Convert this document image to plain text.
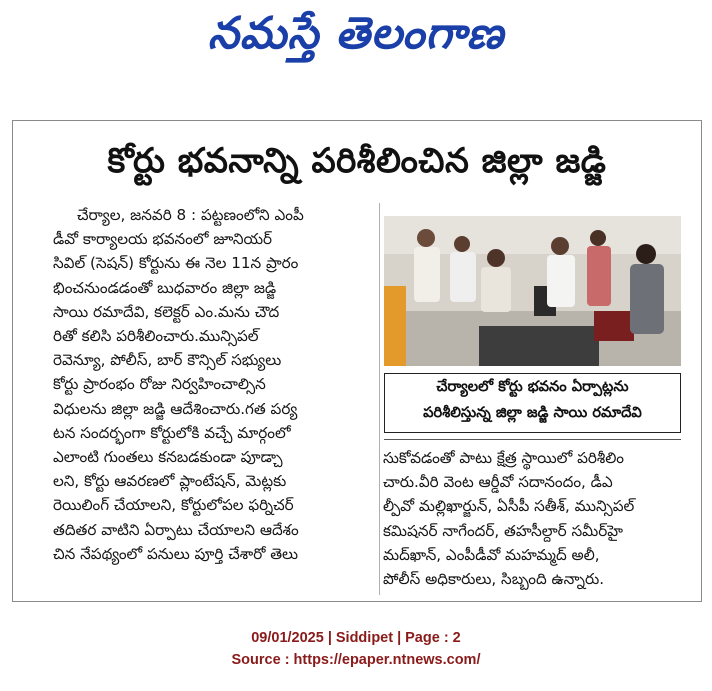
నమస్తే తెలంగాణ
కోర్టు భవనాన్ని పరిశీలించిన జిల్లా జడ్జి

చేర్యాల, జనవరి 8 : పట్టణంలోని ఎంపీ

డీవో కార్యాలయ భవనంలో జూనియర్
సివిల్ (సెషన్) కోర్టును ఈ నెల 11న ప్రారం
భించనుండడంతో బుధవారం జిల్లా జడ్జి
సాయి రమాదేవి, కలెక్టర్ ఎం.మను చౌద
రితో కలిసి పరిశీలించారు.మున్సిపల్
రెవెన్యూ, పోలీస్, బార్ కౌన్సిల్ సభ్యులు
కోర్టు ప్రారంభం రోజు నిర్వహించాల్సిన
విధులను జిల్లా జడ్జి ఆదేశించారు.గత పర్య
టన సందర్భంగా కోర్టులోకి వచ్చే మార్గంలో
ఎలాంటి గుంతలు కనబడకుండా పూడ్చా
లని, కోర్టు ఆవరణలో ప్లాంటేషన్, మెట్లకు
రెయిలింగ్ చేయాలని, కోర్టులోపల ఫర్నిచర్
తదితర వాటిని ఏర్పాటు చేయాలని ఆదేశం
చిన నేపథ్యంలో పనులు పూర్తి చేశారో తెలు
చేర్యాలలో కోర్టు భవనం ఏర్పాట్లను
పరిశీలిస్తున్న జిల్లా జడ్జి సాయి రమాదేవి
సుకోవడంతో పాటు క్షేత్ర స్థాయిలో పరిశీలిం
చారు.వీరి వెంట ఆర్డీవో సదానందం, డీఎ
ల్పీవో మల్లిఖార్జున్, ఏసీపీ సతీశ్, మున్సిపల్
కమిషనర్ నాగేందర్, తహసీల్దార్ సమీర్‌హై
మద్‌ఖాన్, ఎంపీడీవో మహమ్మద్ అలీ,
పోలీస్ అధికారులు, సిబ్బంది ఉన్నారు.
09/01/2025 | Siddipet | Page : 2
Source : https://epaper.ntnews.com/
